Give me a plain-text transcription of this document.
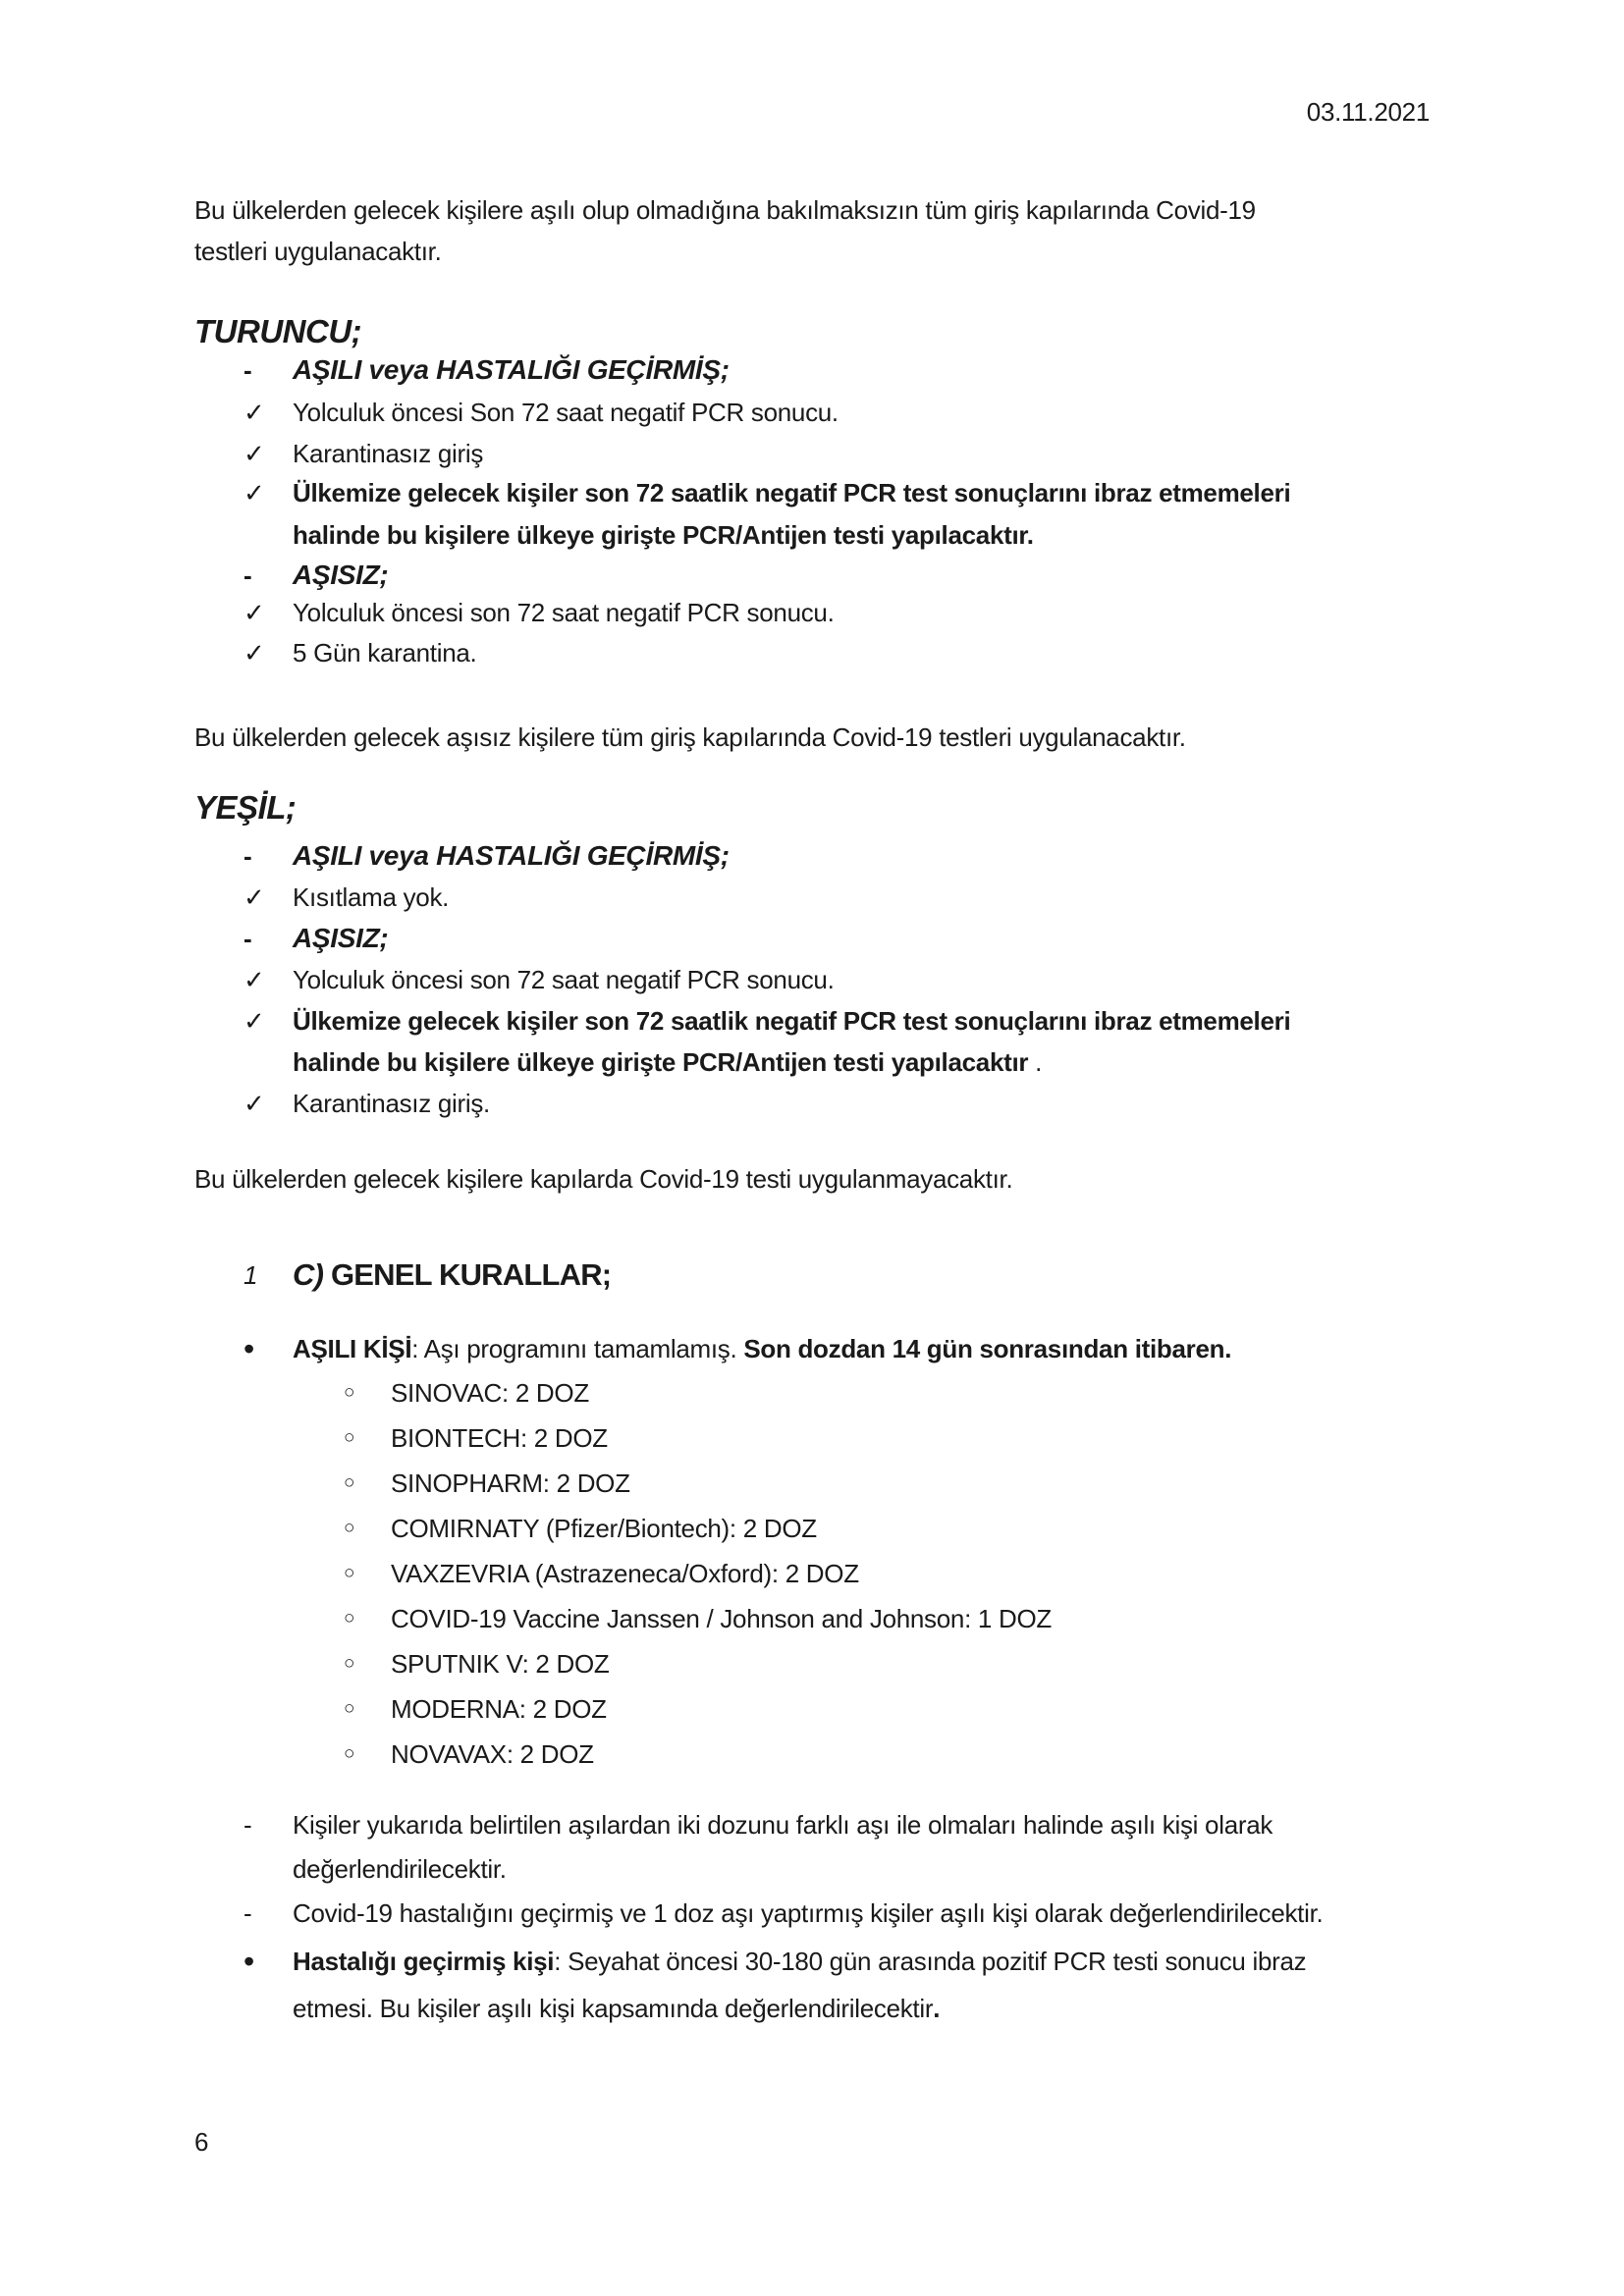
03.11.2021
Bu ülkelerden gelecek kişilere aşılı olup olmadığına bakılmaksızın tüm giriş kapılarında Covid-19
testleri uygulanacaktır.
TURUNCU;
- AŞILI veya HASTALIĞI GEÇİRMİŞ;
✓ Yolculuk öncesi Son 72 saat negatif PCR sonucu.
✓ Karantinasız giriş
✓ Ülkemize gelecek kişiler son 72 saatlik negatif PCR test sonuçlarını ibraz etmemeleri
halinde bu kişilere ülkeye girişte PCR/Antijen testi yapılacaktır.
- AŞISIZ;
✓ Yolculuk öncesi son 72 saat negatif PCR sonucu.
✓ 5 Gün karantina.
Bu ülkelerden gelecek aşısız kişilere tüm giriş kapılarında Covid-19 testleri uygulanacaktır.
YEŞİL;
- AŞILI veya HASTALIĞI GEÇİRMİŞ;
✓ Kısıtlama yok.
- AŞISIZ;
✓ Yolculuk öncesi son 72 saat negatif PCR sonucu.
✓ Ülkemize gelecek kişiler son 72 saatlik negatif PCR test sonuçlarını ibraz etmemeleri
halinde bu kişilere ülkeye girişte PCR/Antijen testi yapılacaktır .
✓ Karantinasız giriş.
Bu ülkelerden gelecek kişilere kapılarda Covid-19 testi uygulanmayacaktır.
1 C) GENEL KURALLAR;
• AŞILI KİŞİ: Aşı programını tamamlamış. Son dozdan 14 gün sonrasından itibaren.
○ SINOVAC: 2 DOZ
○ BIONTECH: 2 DOZ
○ SINOPHARM: 2 DOZ
○ COMIRNATY (Pfizer/Biontech): 2 DOZ
○ VAXZEVRIA (Astrazeneca/Oxford): 2 DOZ
○ COVID-19 Vaccine Janssen / Johnson and Johnson: 1 DOZ
○ SPUTNIK V: 2 DOZ
○ MODERNA: 2 DOZ
○ NOVAVAX: 2 DOZ
- Kişiler yukarıda belirtilen aşılardan iki dozunu farklı aşı ile olmaları halinde aşılı kişi olarak
değerlendirilecektir.
- Covid-19 hastalığını geçirmiş ve 1 doz aşı yaptırmış kişiler aşılı kişi olarak değerlendirilecektir.
• Hastalığı geçirmiş kişi: Seyahat öncesi 30-180 gün arasında pozitif PCR testi sonucu ibraz
etmesi. Bu kişiler aşılı kişi kapsamında değerlendirilecektir.
6
